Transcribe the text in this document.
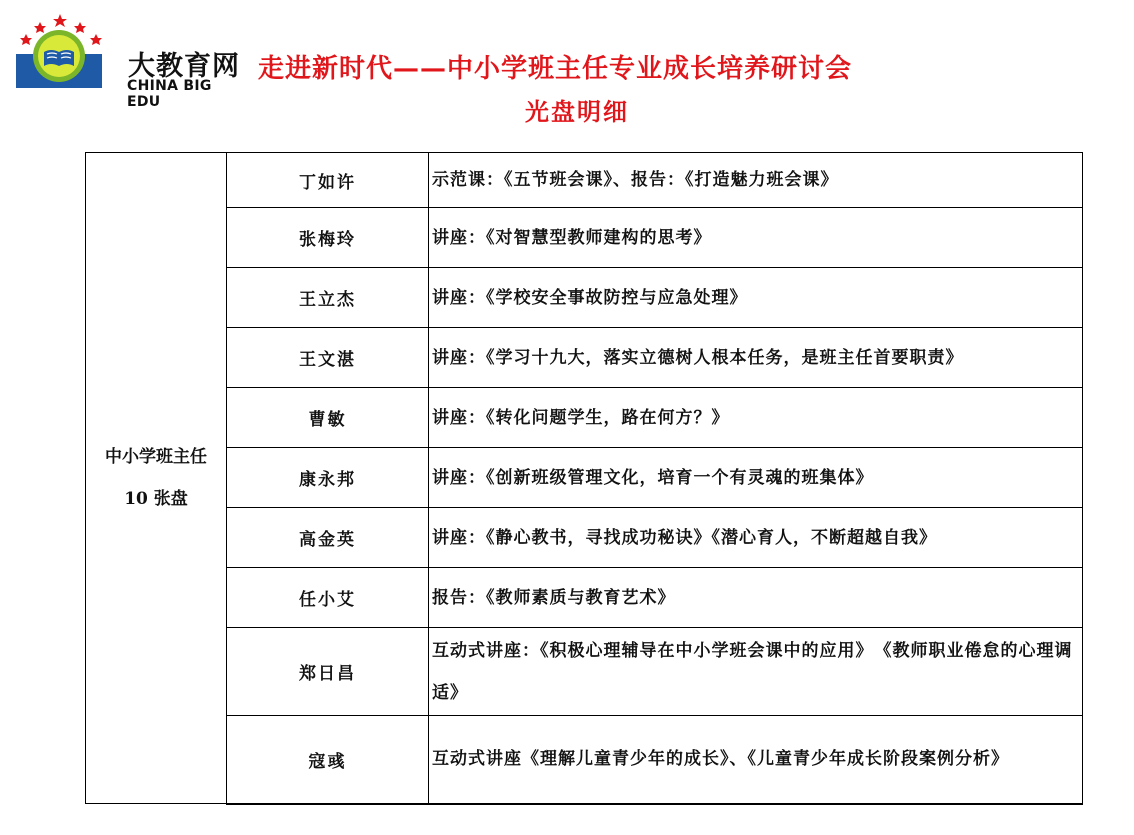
大教育网
CHINA BIG EDU
走进新时代——中小学班主任专业成长培养研讨会
光盘明细
中小学班主任
10 张盘	丁如许	示范课：《五节班会课》、报告：《打造魅力班会课》
	张梅玲	讲座：《对智慧型教师建构的思考》
	王立杰	讲座：《学校安全事故防控与应急处理》
	王文湛	讲座：《学习十九大，落实立德树人根本任务，是班主任首要职责》
	曹敏	讲座：《转化问题学生，路在何方？》
	康永邦	讲座：《创新班级管理文化，培育一个有灵魂的班集体》
	高金英	讲座：《静心教书，寻找成功秘诀》《潜心育人，不断超越自我》
	任小艾	报告：《教师素质与教育艺术》
	郑日昌	互动式讲座：《积极心理辅导在中小学班会课中的应用》　《教师职业倦怠的心理调适》
	寇彧	互动式讲座《理解儿童青少年的成长》、《儿童青少年成长阶段案例分析》
